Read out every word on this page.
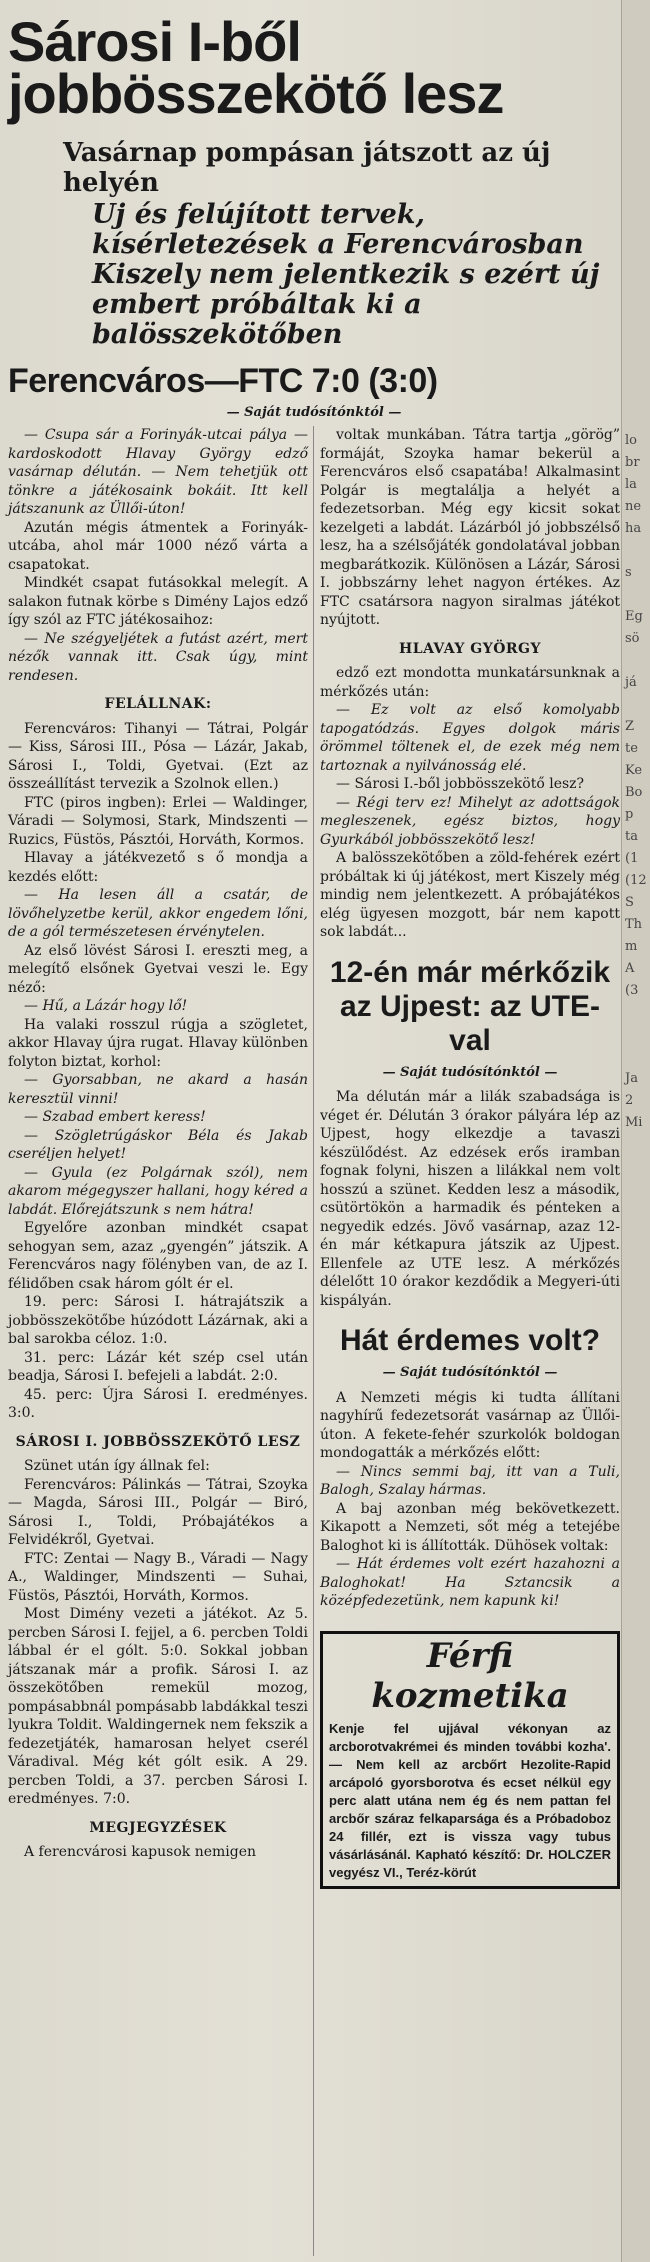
lo
br
la
ne
ha

s

Eg
sö

já

Z
te
Ke
Bo
p
ta
(1
(12
S
Th
m
A
(3

Ja
2
Mi

Sárosi I-ből jobbösszekötő lesz
Vasárnap pompásan játszott az új helyén
Uj és felújított tervek, kísérletezések a Ferencvárosban Kiszely nem jelentkezik s ezért új embert próbáltak ki a balösszekötőben
Ferencváros—FTC 7:0 (3:0)
— Saját tudósítónktól —

— Csupa sár a Forinyák-utcai pálya — kardoskodott Hlavay György edző vasárnap délután. — Nem tehetjük ott tönkre a játékosaink bokáit. Itt kell játszanunk az Üllői-úton!

Azután mégis átmentek a Forinyák-utcába, ahol már 1000 néző várta a csapatokat.

Mindkét csapat futásokkal melegít. A salakon futnak körbe s Dimény Lajos edző így szól az FTC játékosaihoz:

— Ne szégyeljétek a futást azért, mert nézők vannak itt. Csak úgy, mint rendesen.

FELÁLLNAK:

Ferencváros: Tihanyi — Tátrai, Polgár — Kiss, Sárosi III., Pósa — Lázár, Jakab, Sárosi I., Toldi, Gyetvai. (Ezt az összeállítást tervezik a Szolnok ellen.)

FTC (piros ingben): Erlei — Waldinger, Váradi — Solymosi, Stark, Mindszenti — Ruzics, Füstös, Pásztói, Horváth, Kormos.

Hlavay a játékvezető s ő mondja a kezdés előtt:

— Ha lesen áll a csatár, de lövőhelyzetbe kerül, akkor engedem lőni, de a gól természetesen érvénytelen.

Az első lövést Sárosi I. ereszti meg, a melegítő elsőnek Gyetvai veszi le. Egy néző:

— Hű, a Lázár hogy lő!

Ha valaki rosszul rúgja a szögletet, akkor Hlavay újra rugat. Hlavay különben folyton biztat, korhol:

— Gyorsabban, ne akard a hasán keresztül vinni!

— Szabad embert keress!

— Szögletrúgáskor Béla és Jakab cseréljen helyet!

— Gyula (ez Polgárnak szól), nem akarom mégegyszer hallani, hogy kéred a labdát. Előrejátszunk s nem hátra!

Egyelőre azonban mindkét csapat sehogyan sem, azaz „gyengén” játszik. A Ferencváros nagy fölényben van, de az I. félidőben csak három gólt ér el.

19. perc: Sárosi I. hátrajátszik a jobbösszekötőbe húzódott Lázárnak, aki a bal sarokba céloz. 1:0.

31. perc: Lázár két szép csel után beadja, Sárosi I. befejeli a labdát. 2:0.

45. perc: Újra Sárosi I. eredményes. 3:0.

SÁROSI I. JOBBÖSSZEKÖTŐ LESZ

Szünet után így állnak fel:

Ferencváros: Pálinkás — Tátrai, Szoyka — Magda, Sárosi III., Polgár — Biró, Sárosi I., Toldi, Próbajátékos a Felvidékről, Gyetvai.

FTC: Zentai — Nagy B., Váradi — Nagy A., Waldinger, Mindszenti — Suhai, Füstös, Pásztói, Horváth, Kormos.

Most Dimény vezeti a játékot. Az 5. percben Sárosi I. fejjel, a 6. percben Toldi lábbal ér el gólt. 5:0. Sokkal jobban játszanak már a profik. Sárosi I. az összekötőben remekül mozog, pompásabbnál pompásabb labdákkal teszi lyukra Toldit. Waldingernek nem fekszik a fedezetjáték, hamarosan helyet cserél Váradival. Még két gólt esik. A 29. percben Toldi, a 37. percben Sárosi I. eredményes. 7:0.

MEGJEGYZÉSEK

A ferencvárosi kapusok nemigen

voltak munkában. Tátra tartja „görög” formáját, Szoyka hamar bekerül a Ferencváros első csapatába! Alkalmasint Polgár is megtalálja a helyét a fedezetsorban. Még egy kicsit sokat kezelgeti a labdát. Lázárból jó jobbszélső lesz, ha a szélsőjáték gondolatával jobban megbarátkozik. Különösen a Lázár, Sárosi I. jobbszárny lehet nagyon értékes. Az FTC csatársora nagyon siralmas játékot nyújtott.

HLAVAY GYÖRGY

edző ezt mondotta munkatársunknak a mérkőzés után:

— Ez volt az első komolyabb tapogatódzás. Egyes dolgok máris örömmel töltenek el, de ezek még nem tartoznak a nyilvánosság elé.

— Sárosi I.-ből jobbösszekötő lesz?

— Régi terv ez! Mihelyt az adottságok megleszenek, egész biztos, hogy Gyurkából jobbösszekötő lesz!

A balösszekötőben a zöld-fehérek ezért próbáltak ki új játékost, mert Kiszely még mindig nem jelentkezett. A próbajátékos elég ügyesen mozgott, bár nem kapott sok labdát...

12-én már mérkőzik az Ujpest: az UTE-val
— Saját tudósítónktól —

Ma délután már a lilák szabadsága is véget ér. Délután 3 órakor pályára lép az Ujpest, hogy elkezdje a tavaszi készülődést. Az edzések erős iramban fognak folyni, hiszen a lilákkal nem volt hosszú a szünet. Kedden lesz a második, csütörtökön a harmadik és pénteken a negyedik edzés. Jövő vasárnap, azaz 12-én már kétkapura játszik az Ujpest. Ellenfele az UTE lesz. A mérkőzés délelőtt 10 órakor kezdődik a Megyeri-úti kispályán.

Hát érdemes volt?
— Saját tudósítónktól —

A Nemzeti mégis ki tudta állítani nagyhírű fedezetsorát vasárnap az Üllői-úton. A fekete-fehér szurkolók boldogan mondogatták a mérkőzés előtt:

— Nincs semmi baj, itt van a Tuli, Balogh, Szalay hármas.

A baj azonban még bekövetkezett. Kikapott a Nemzeti, sőt még a tetejébe Baloghot ki is állították. Dühösek voltak:

— Hát érdemes volt ezért hazahozni a Baloghokat! Ha Sztancsik a középfedezetünk, nem kapunk ki!

Férfi kozmetika
Kenje fel ujjával vékonyan az arcborotvakrémei és minden további kozha'. — Nem kell az arcbőrt Hezolite-Rapid arcápoló gyorsborotva és ecset nélkül egy perc alatt utána nem ég és nem pattan fel arcbőr száraz felkaparsága és a Próbadoboz 24 fillér, ezt is vissza vagy tubus vásárlásánál. Kapható készítő: Dr. HOLCZER vegyész VI., Teréz-körút
